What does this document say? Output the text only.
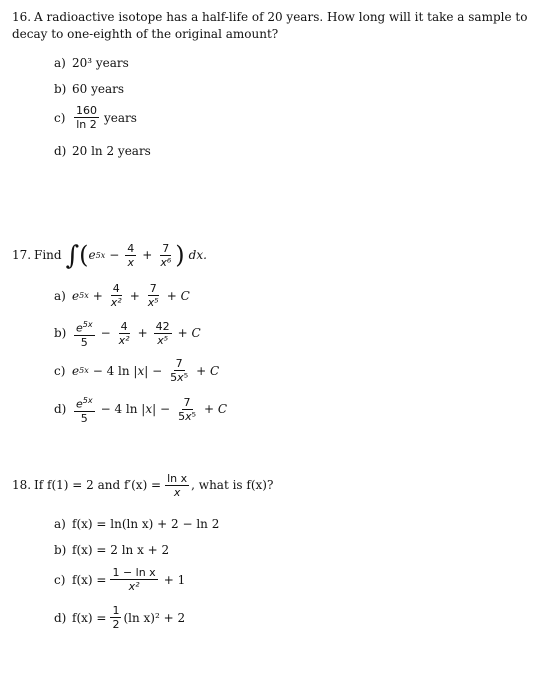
16. A radioactive isotope has a half-life of 20 years. How long will it take a sample to decay to one-eighth of the original amount?
a) 20³ years
b) 60 years
$c) \frac{160}{\ln 2}$ years
d) 20 ln 2 years
17. Find ∫ ( e $5x - \frac{4}{x} + \frac{7}{\text{x⁶}}$ ) dx.
a) e $5x + \frac{4}{\text{x²}} + \frac{7}{\text{x⁵}} + C$
$b) \frac{e^{5x}}{5} - \frac{4}{\text{x²}} + \frac{42}{\text{x⁵}} + C$
c) e 5x − 4 $\ln |x| - \frac{7}{\text{5x⁵}} + C$
$d) \frac{e^{5x}}{5} - 4$ $\ln |x| - \frac{7}{\text{5x⁵}} + C$
18. If f(1) = 2 and $f'(x) = \frac{\text{ln x}}{x}$ , what is f(x)?
a) f(x) = ln(ln x) + 2 − ln 2
b) f(x) = 2 ln x + 2
c) $f(x) = \frac{\text{1 − ln x}}{\text{x²}} + 1$
d) $f(x) = \frac{1}{2} (\ln$ x)² + 2
